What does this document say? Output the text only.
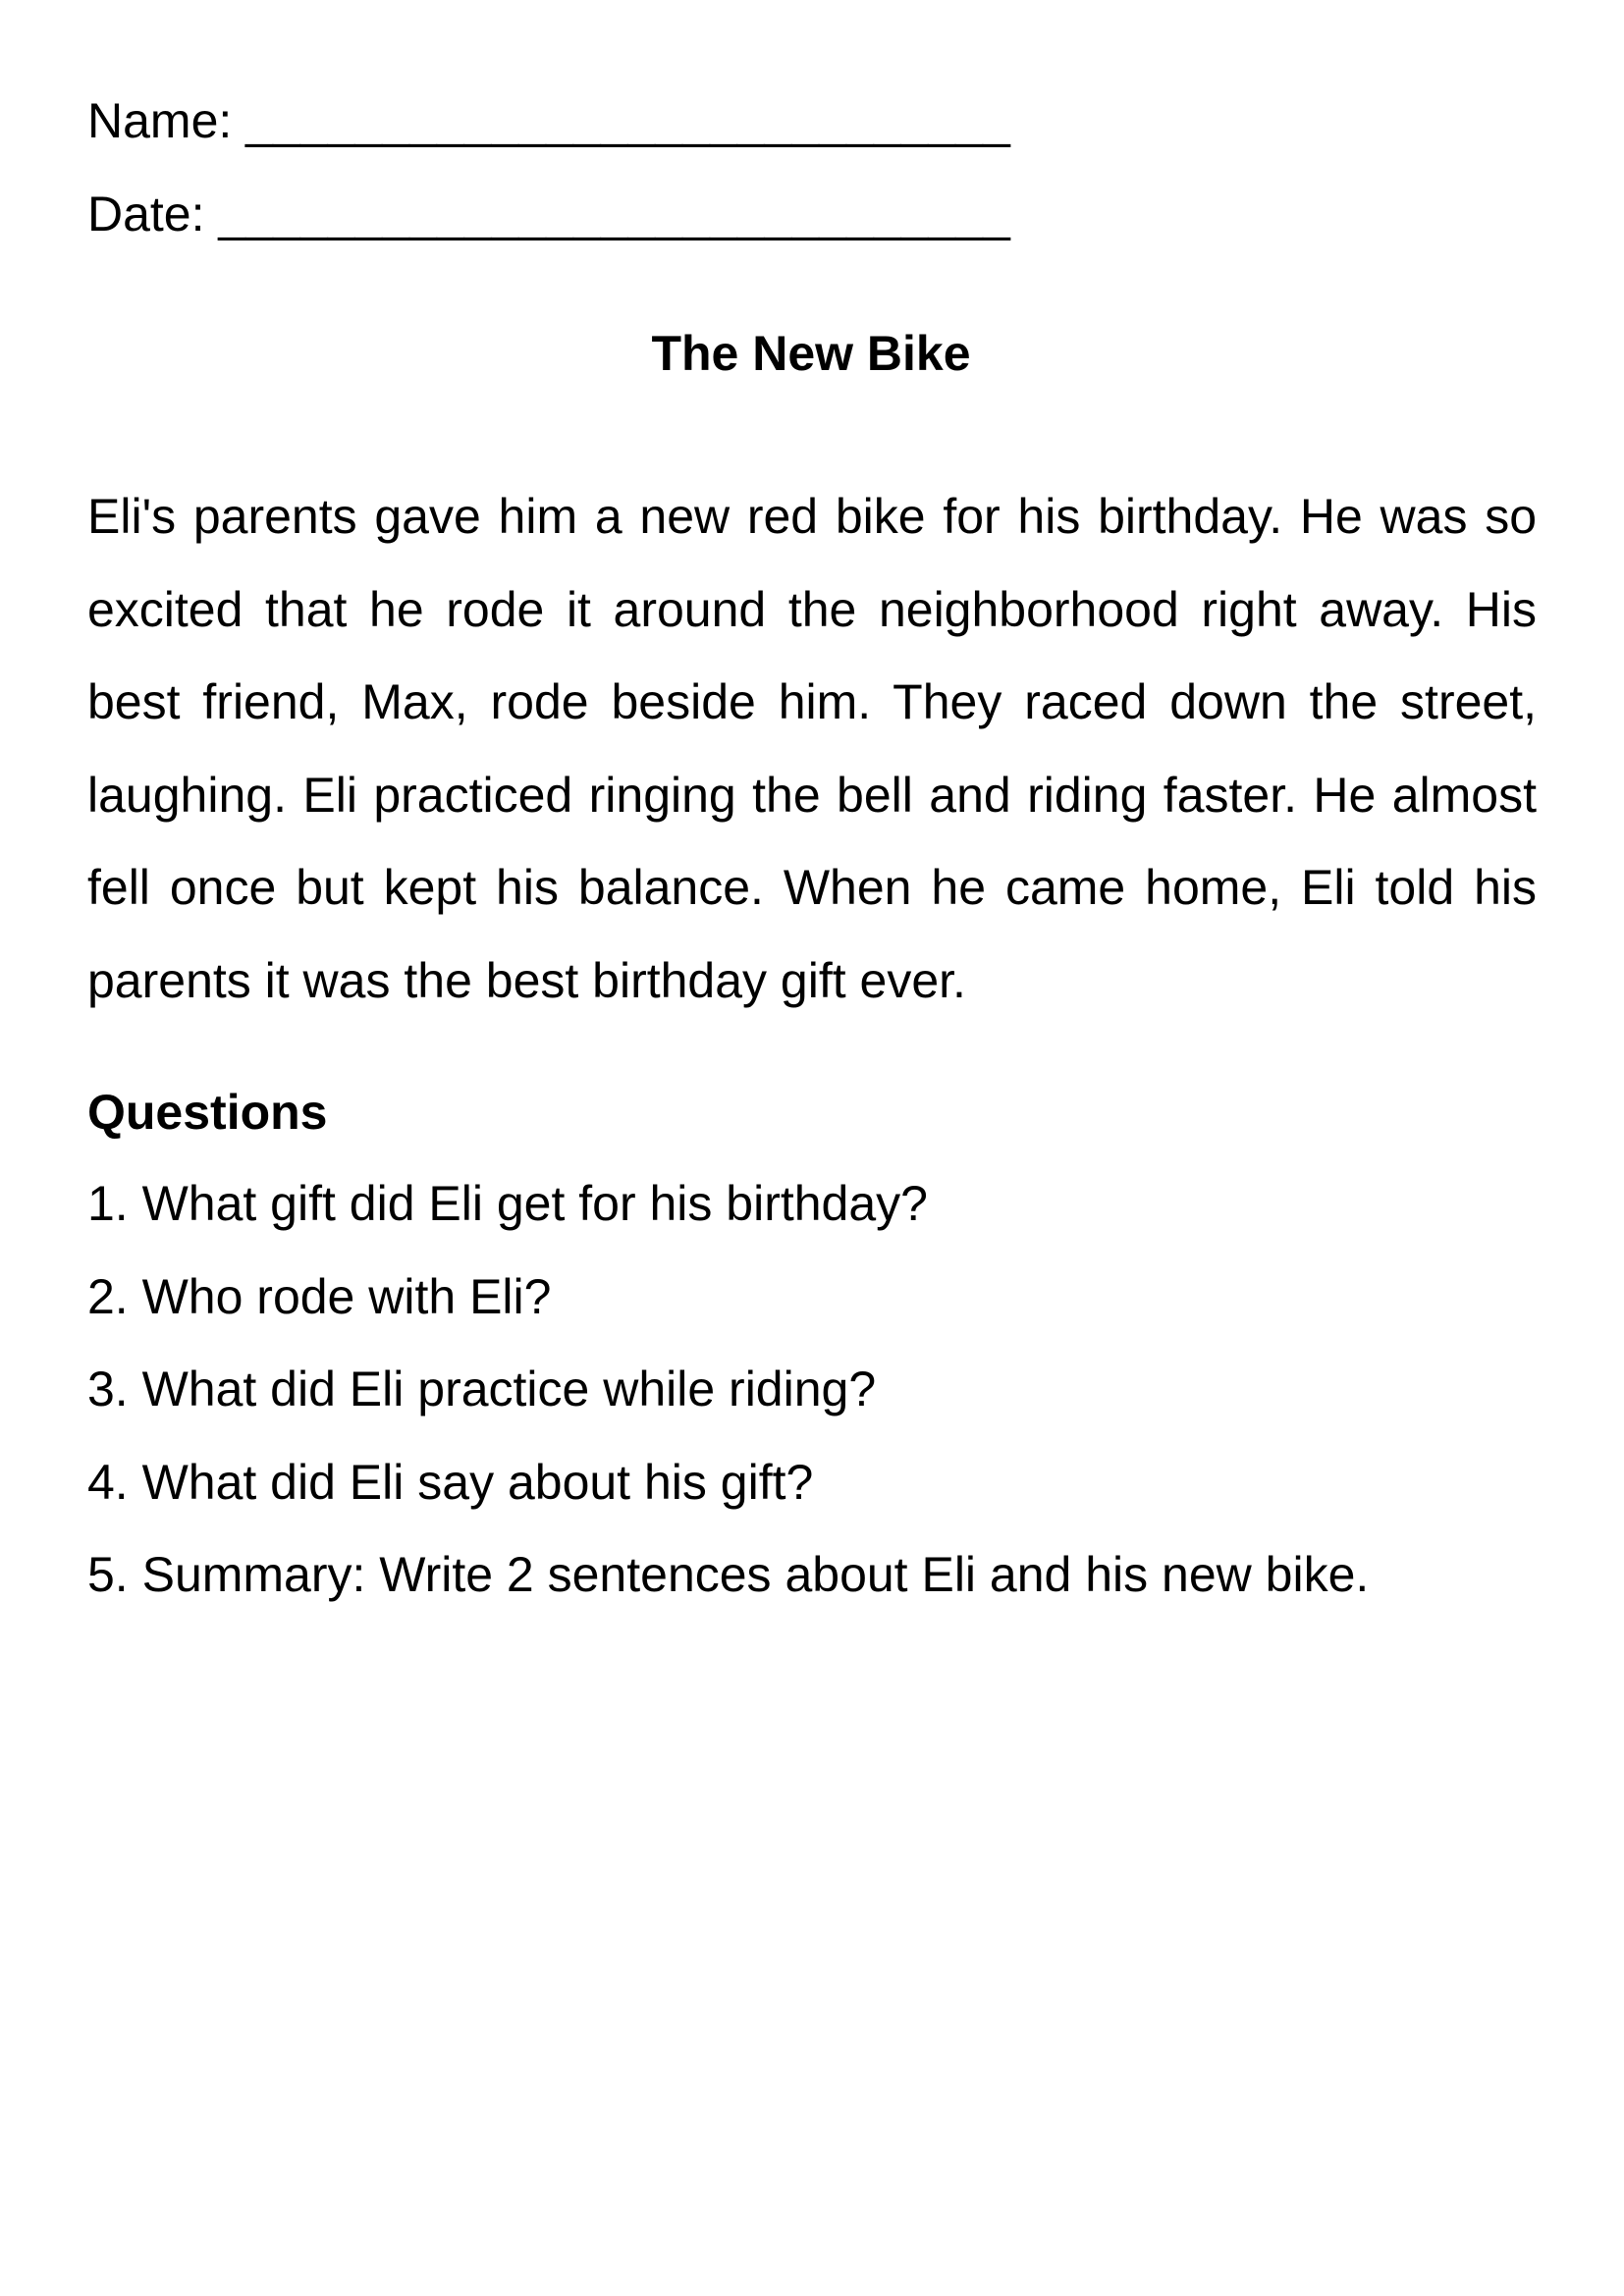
Name: ____________________________
Date: _____________________________
The New Bike

Eli's parents gave him a new red bike for his birthday. He was so excited that he rode it around the neighborhood right away. His best friend, Max, rode beside him. They raced down the street, laughing. Eli practiced ringing the bell and riding faster. He almost fell once but kept his balance. When he came home, Eli told his parents it was the best birthday gift ever.

Questions
1. What gift did Eli get for his birthday?
2. Who rode with Eli?
3. What did Eli practice while riding?
4. What did Eli say about his gift?
5. Summary: Write 2 sentences about Eli and his new bike.
